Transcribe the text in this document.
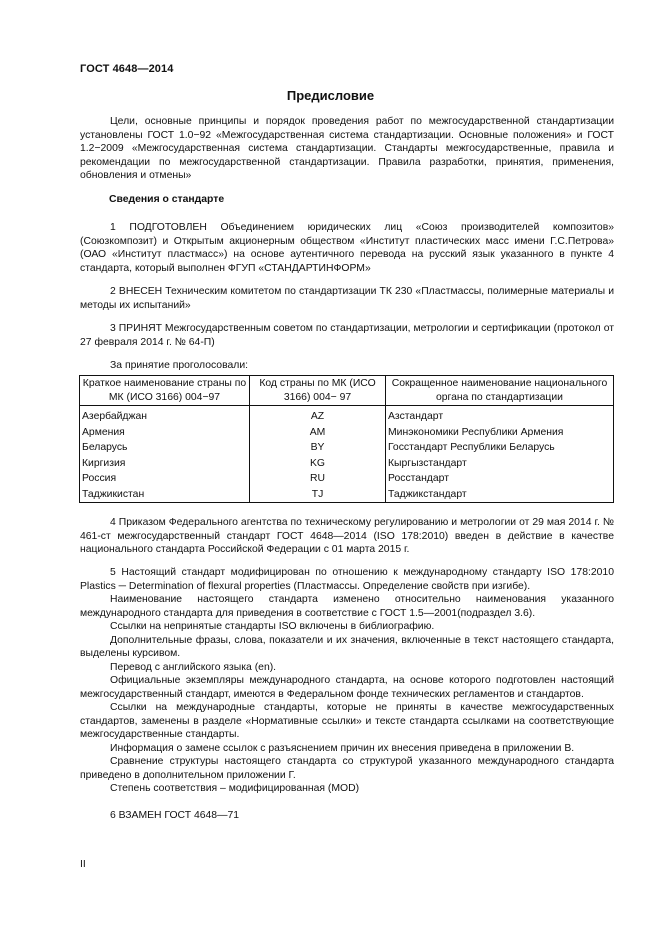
ГОСТ 4648—2014
Предисловие
Цели, основные принципы и порядок проведения работ по межгосударственной стандартизации установлены ГОСТ 1.0−92 «Межгосударственная система стандартизации. Основные положения» и ГОСТ 1.2−2009 «Межгосударственная система стандартизации. Стандарты межгосударственные, правила и рекомендации по межгосударственной стандартизации. Правила разработки, принятия, применения, обновления и отмены»
Сведения о стандарте
1 ПОДГОТОВЛЕН Объединением юридических лиц «Союз производителей композитов» (Союзкомпозит) и Открытым акционерным обществом «Институт пластических масс имени Г.С.Петрова» (ОАО «Институт пластмасс») на основе аутентичного перевода на русский язык указанного в пункте 4 стандарта, который выполнен ФГУП «СТАНДАРТИНФОРМ»
2 ВНЕСЕН Техническим комитетом по стандартизации ТК 230 «Пластмассы, полимерные материалы и методы их испытаний»
3 ПРИНЯТ Межгосударственным советом по стандартизации, метрологии и сертификации (протокол от 27 февраля 2014 г. № 64-П)
За принятие проголосовали:
Краткое наименование страны по МК (ИСО 3166) 004−97	Код страны по МК (ИСО 3166) 004− 97	Сокращенное наименование национального органа по стандартизации
Азербайджан	AZ	Азстандарт
Армения	AM	Минэкономики Республики Армения
Беларусь	BY	Госстандарт Республики Беларусь
Киргизия	KG	Кыргызстандарт
Россия	RU	Росстандарт
Таджикистан	TJ	Таджикстандарт
4 Приказом Федерального агентства по техническому регулированию и метрологии от 29 мая 2014 г. № 461-ст межгосударственный стандарт ГОСТ 4648—2014 (ISO 178:2010) введен в действие в качестве национального стандарта Российской Федерации с 01 марта 2015 г.
5 Настоящий стандарт модифицирован по отношению к международному стандарту ISO 178:2010 Plastics ─ Determination of flexural properties (Пластмассы. Определение свойств при изгибе).
Наименование настоящего стандарта изменено относительно наименования указанного международного стандарта для приведения в соответствие с ГОСТ 1.5—2001(подраздел 3.6).
Ссылки на непринятые стандарты ISO включены в библиографию.
Дополнительные фразы, слова, показатели и их значения, включенные в текст настоящего стандарта, выделены курсивом.
Перевод с английского языка (en).
Официальные экземпляры международного стандарта, на основе которого подготовлен настоящий межгосударственный стандарт, имеются в Федеральном фонде технических регламентов и стандартов.
Ссылки на международные стандарты, которые не приняты в качестве межгосударственных стандартов, заменены в разделе «Нормативные ссылки» и тексте стандарта ссылками на соответствующие межгосударственные стандарты.
Информация о замене ссылок с разъяснением причин их внесения приведена в приложении В.
Сравнение структуры настоящего стандарта со структурой указанного международного стандарта приведено в дополнительном приложении Г.
Степень соответствия – модифицированная (MOD)
6 ВЗАМЕН ГОСТ 4648—71
II
